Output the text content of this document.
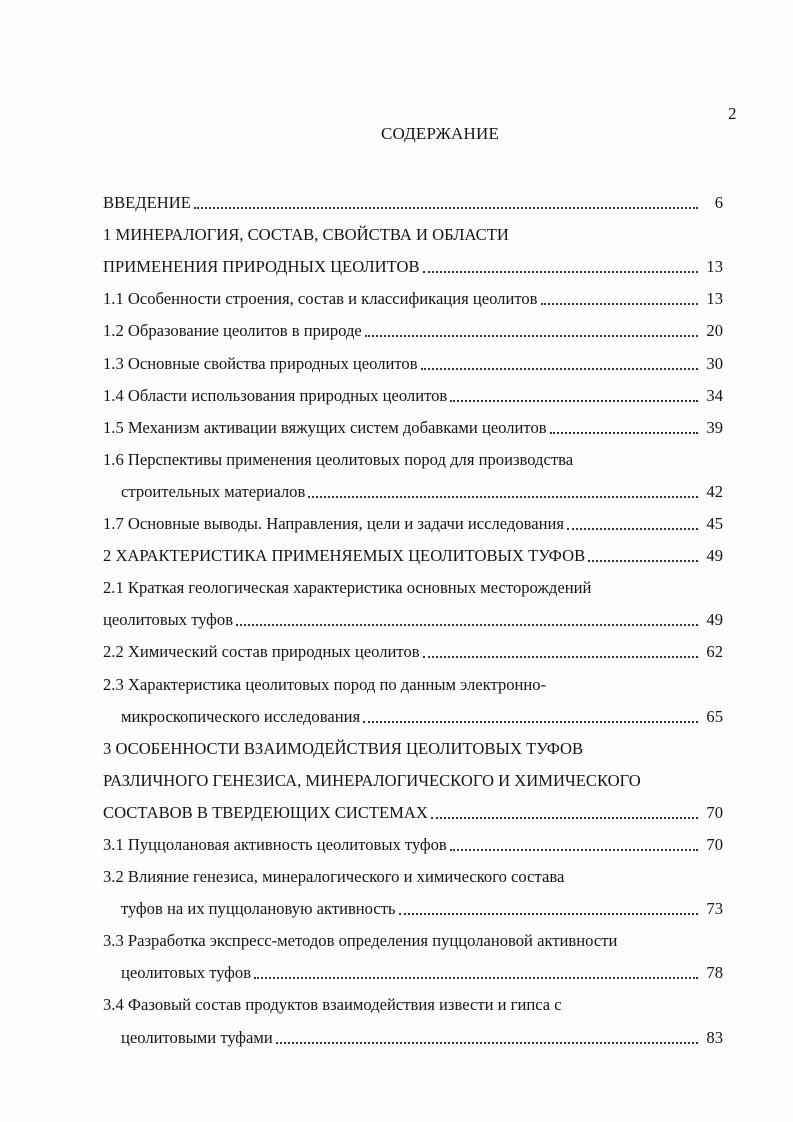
2
СОДЕРЖАНИЕ
ВВЕДЕНИЕ	6
1 МИНЕРАЛОГИЯ, СОСТАВ, СВОЙСТВА И ОБЛАСТИ
ПРИМЕНЕНИЯ ПРИРОДНЫХ ЦЕОЛИТОВ	13
1.1 Особенности строения, состав и классификация цеолитов	13
1.2 Образование цеолитов в природе	20
1.3 Основные свойства природных цеолитов	30
1.4 Области использования природных цеолитов	34
1.5 Механизм активации вяжущих систем добавками цеолитов	39
1.6 Перспективы применения цеолитовых пород для производства
строительных материалов	42
1.7 Основные выводы. Направления, цели и задачи исследования	45
2 ХАРАКТЕРИСТИКА ПРИМЕНЯЕМЫХ ЦЕОЛИТОВЫХ ТУФОВ	49
2.1 Краткая геологическая характеристика основных месторождений
цеолитовых туфов	49
2.2 Химический состав природных цеолитов	62
2.3 Характеристика цеолитовых пород по данным электронно-
микроскопического исследования	65
3 ОСОБЕННОСТИ ВЗАИМОДЕЙСТВИЯ ЦЕОЛИТОВЫХ ТУФОВ
РАЗЛИЧНОГО ГЕНЕЗИСА, МИНЕРАЛОГИЧЕСКОГО И ХИМИЧЕСКОГО
СОСТАВОВ В ТВЕРДЕЮЩИХ СИСТЕМАХ	70
3.1 Пуццолановая активность цеолитовых туфов	70
3.2 Влияние генезиса, минералогического и химического состава
туфов на их пуццолановую активность	73
3.3 Разработка экспресс-методов определения пуццолановой активности
цеолитовых туфов	78
3.4 Фазовый состав продуктов взаимодействия извести и гипса с
цеолитовыми туфами	83
